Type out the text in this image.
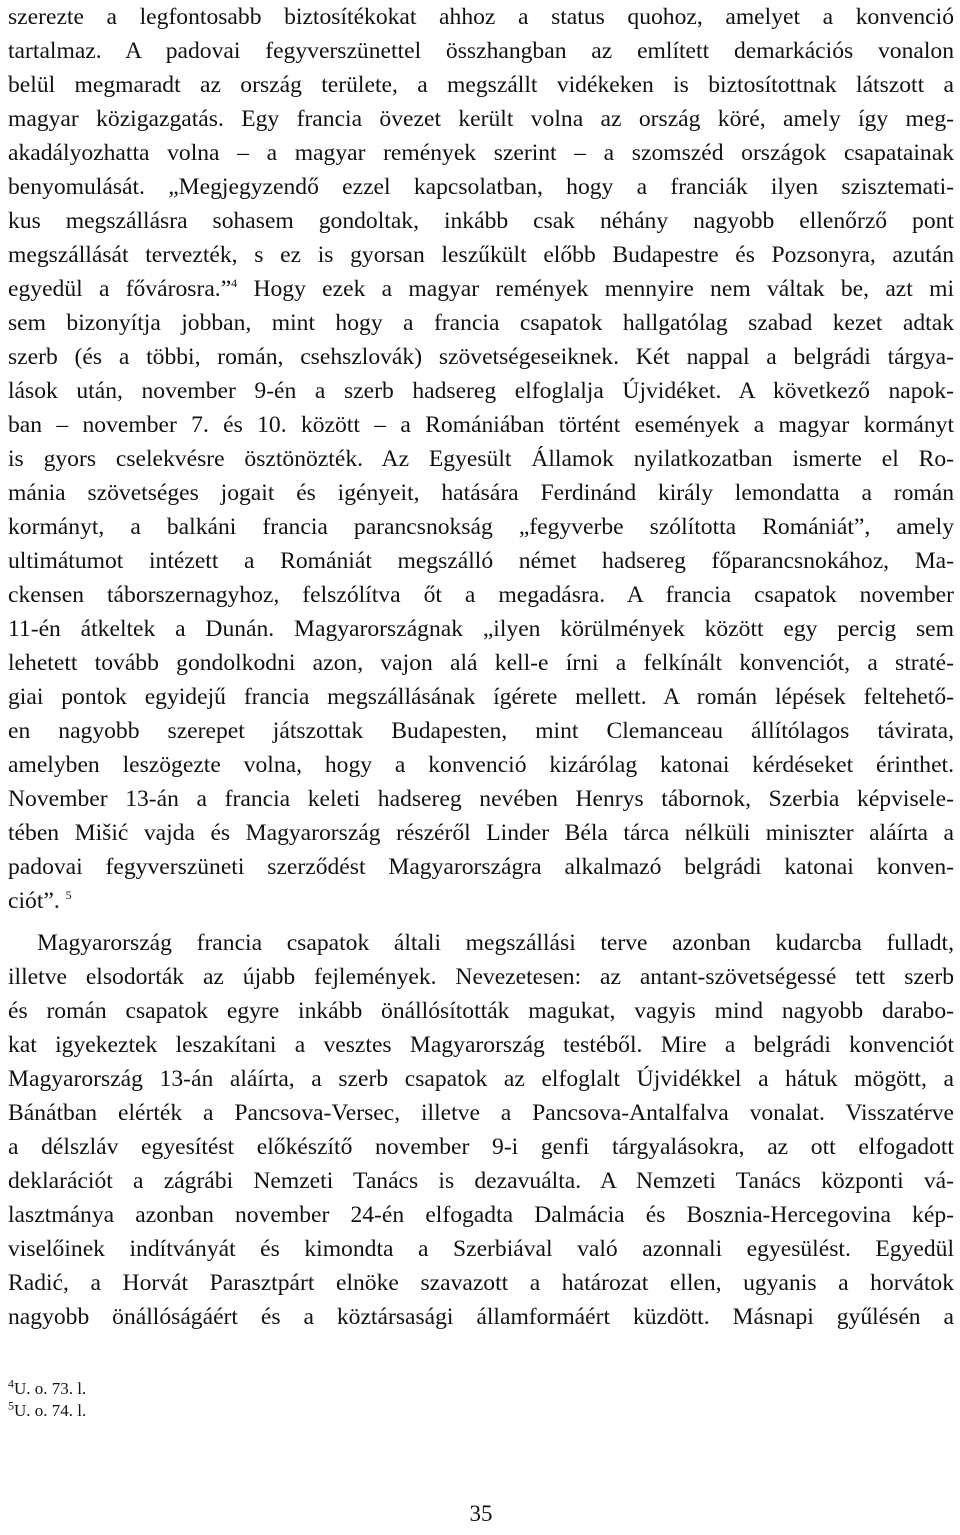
szerezte a legfontosabb biztosítékokat ahhoz a status quohoz, amelyet a konvenció
tartalmaz. A padovai fegyverszünettel összhangban az említett demarkációs vonalon
belül megmaradt az ország területe, a megszállt vidékeken is biztosítottnak látszott a
magyar közigazgatás. Egy francia övezet került volna az ország köré, amely így meg-
akadályozhatta volna – a magyar remények szerint – a szomszéd országok csapatainak
benyomulását. „Megjegyzendő ezzel kapcsolatban, hogy a franciák ilyen szisztemati-
kus megszállásra sohasem gondoltak, inkább csak néhány nagyobb ellenőrző pont
megszállását tervezték, s ez is gyorsan leszűkült előbb Budapestre és Pozsonyra, azután
egyedül a fővárosra.”$^4$ Hogy ezek a magyar remények mennyire nem váltak be, azt mi
sem bizonyítja jobban, mint hogy a francia csapatok hallgatólag szabad kezet adtak
szerb (és a többi, román, csehszlovák) szövetségeseiknek. Két nappal a belgrádi tárgya-
lások után, november 9-én a szerb hadsereg elfoglalja Újvidéket. A következő napok-
ban – november 7. és 10. között – a Romániában történt események a magyar kormányt
is gyors cselekvésre ösztönözték. Az Egyesült Államok nyilatkozatban ismerte el Ro-
mánia szövetséges jogait és igényeit, hatására Ferdinánd király lemondatta a román
kormányt, a balkáni francia parancsnokság „fegyverbe szólította Romániát”, amely
ultimátumot intézett a Romániát megszálló német hadsereg főparancsnokához, Ma-
ckensen táborszernagyhoz, felszólítva őt a megadásra. A francia csapatok november
11-én átkeltek a Dunán. Magyarországnak „ilyen körülmények között egy percig sem
lehetett tovább gondolkodni azon, vajon alá kell-e írni a felkínált konvenciót, a straté-
giai pontok egyidejű francia megszállásának ígérete mellett. A román lépések feltehető-
en nagyobb szerepet játszottak Budapesten, mint Clemanceau állítólagos távirata,
amelyben leszögezte volna, hogy a konvenció kizárólag katonai kérdéseket érinthet.
November 13-án a francia keleti hadsereg nevében Henrys tábornok, Szerbia képvisele-
tében Mišić vajda és Magyarország részéről Linder Béla tárca nélküli miniszter aláírta a
padovai fegyverszüneti szerződést Magyarországra alkalmazó belgrádi katonai konven-
ciót”. $^5$
Magyarország francia csapatok általi megszállási terve azonban kudarcba fulladt,
illetve elsodorták az újabb fejlemények. Nevezetesen: az antant-szövetségessé tett szerb
és román csapatok egyre inkább önállósították magukat, vagyis mind nagyobb darabo-
kat igyekeztek leszakítani a vesztes Magyarország testéből. Mire a belgrádi konvenciót
Magyarország 13-án aláírta, a szerb csapatok az elfoglalt Újvidékkel a hátuk mögött, a
Bánátban elérték a Pancsova-Versec, illetve a Pancsova-Antalfalva vonalat. Visszatérve
a délszláv egyesítést előkészítő november 9-i genfi tárgyalásokra, az ott elfogadott
deklarációt a zágrábi Nemzeti Tanács is dezavuálta. A Nemzeti Tanács központi vá-
lasztmánya azonban november 24-én elfogadta Dalmácia és Bosznia-Hercegovina kép-
viselőinek indítványát és kimondta a Szerbiával való azonnali egyesülést. Egyedül
Radić, a Horvát Parasztpárt elnöke szavazott a határozat ellen, ugyanis a horvátok
nagyobb önállóságáért és a köztársasági államformáért küzdött. Másnapi gyűlésén a
$^4$U. o. 73. l.
$^5$U. o. 74. l.
35
